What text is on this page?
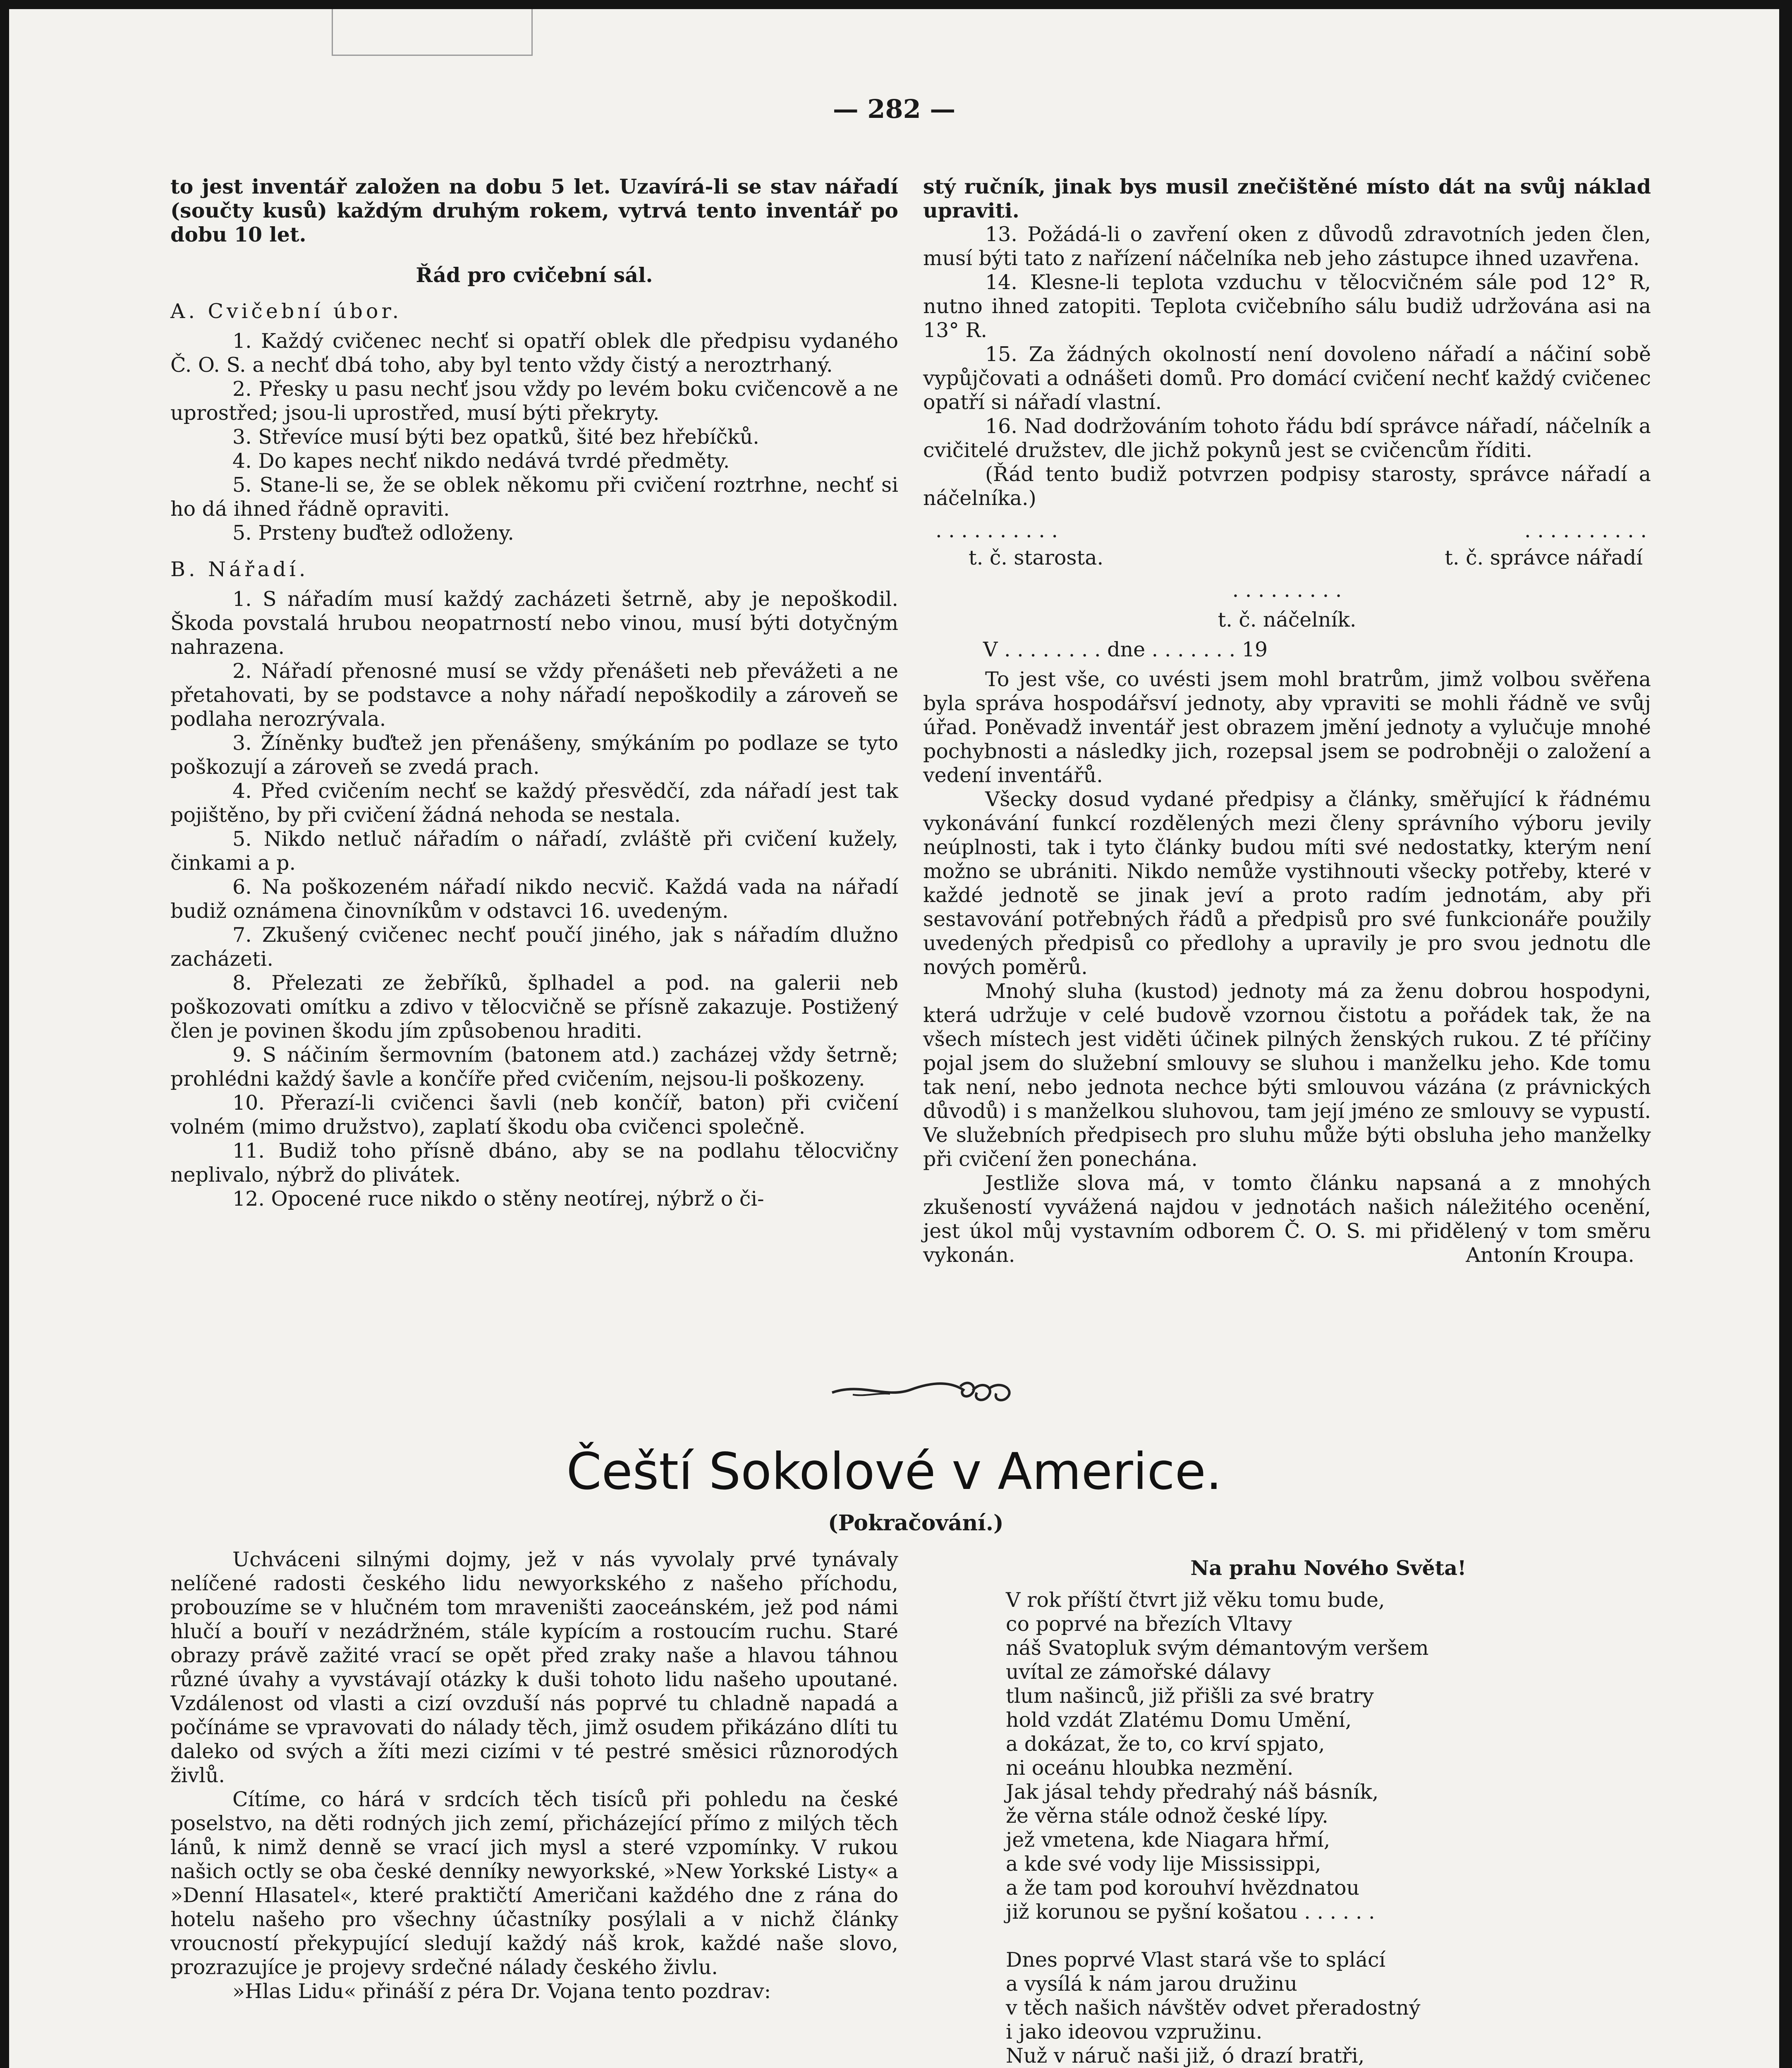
— 282 —

to jest inventář založen na dobu 5 let. Uzavírá-li se stav nářadí (součty kusů) každým druhým rokem, vytrvá tento inventář po dobu 10 let.

Řád pro cvičební sál.

A. Cvičební úbor.

1. Každý cvičenec nechť si opatří oblek dle předpisu vydaného Č. O. S. a nechť dbá toho, aby byl tento vždy čistý a neroztrhaný.

2. Přesky u pasu nechť jsou vždy po levém boku cvičencově a ne uprostřed; jsou-li uprostřed, musí býti překryty.

3. Střevíce musí býti bez opatků, šité bez hřebíčků.

4. Do kapes nechť nikdo nedává tvrdé předměty.

5. Stane-li se, že se oblek někomu při cvičení roztrhne, nechť si ho dá ihned řádně opraviti.

5. Prsteny buďtež odloženy.

B. Nářadí.

1. S nářadím musí každý zacházeti šetrně, aby je nepoškodil. Škoda povstalá hrubou neopatrností nebo vinou, musí býti dotyčným nahrazena.

2. Nářadí přenosné musí se vždy přenášeti neb převážeti a ne přetahovati, by se podstavce a nohy nářadí nepoškodily a zároveň se podlaha nerozrývala.

3. Žíněnky buďtež jen přenášeny, smýkáním po podlaze se tyto poškozují a zároveň se zvedá prach.

4. Před cvičením nechť se každý přesvědčí, zda nářadí jest tak pojištěno, by při cvičení žádná nehoda se nestala.

5. Nikdo netluč nářadím o nářadí, zvláště při cvičení kužely, činkami a p.

6. Na poškozeném nářadí nikdo necvič. Každá vada na nářadí budiž oznámena činovníkům v odstavci 16. uvedeným.

7. Zkušený cvičenec nechť poučí jiného, jak s nářadím dlužno zacházeti.

8. Přelezati ze žebříků, šplhadel a pod. na galerii neb poškozovati omítku a zdivo v tělocvičně se přísně zakazuje. Postižený člen je povinen škodu jím způsobenou hraditi.

9. S náčiním šermovním (batonem atd.) zacházej vždy šetrně; prohlédni každý šavle a končíře před cvičením, nejsou-li poškozeny.

10. Přerazí-li cvičenci šavli (neb končíř, baton) při cvičení volném (mimo družstvo), zaplatí škodu oba cvičenci společně.

11. Budiž toho přísně dbáno, aby se na podlahu tělocvičny neplivalo, nýbrž do plivátek.

12. Opocené ruce nikdo o stěny neotírej, nýbrž o či-

stý ručník, jinak bys musil znečištěné místo dát na svůj náklad upraviti.

13. Požádá-li o zavření oken z důvodů zdravotních jeden člen, musí býti tato z nařízení náčelníka neb jeho zástupce ihned uzavřena.

14. Klesne-li teplota vzduchu v tělocvičném sále pod 12° R, nutno ihned zatopiti. Teplota cvičebního sálu budiž udržována asi na 13° R.

15. Za žádných okolností není dovoleno nářadí a náčiní sobě vypůjčovati a odnášeti domů. Pro domácí cvičení nechť každý cvičenec opatří si nářadí vlastní.

16. Nad dodržováním tohoto řádu bdí správce nářadí, náčelník a cvičitelé družstev, dle jichž pokynů jest se cvičencům říditi.

(Řád tento budiž potvrzen podpisy starosty, správce nářadí a náčelníka.)

. . . . . . . . . .	. . . . . . . . . .
t. č. starosta.	t. č. správce nářadí
. . . . . . . . .
t. č. náčelník.
V . . . . . . . . dne . . . . . . . 19

To jest vše, co uvésti jsem mohl bratrům, jimž volbou svěřena byla správa hospodářsví jednoty, aby vpraviti se mohli řádně ve svůj úřad. Poněvadž inventář jest obrazem jmění jednoty a vylučuje mnohé pochybnosti a následky jich, rozepsal jsem se podrobněji o založení a vedení inventářů.

Všecky dosud vydané předpisy a články, směřující k řádnému vykonávání funkcí rozdělených mezi členy správního výboru jevily neúplnosti, tak i tyto články budou míti své nedostatky, kterým není možno se ubrániti. Nikdo nemůže vystihnouti všecky potřeby, které v každé jednotě se jinak jeví a proto radím jednotám, aby při sestavování potřebných řádů a předpisů pro své funkcionáře použily uvedených předpisů co předlohy a upravily je pro svou jednotu dle nových poměrů.

Mnohý sluha (kustod) jednoty má za ženu dobrou hospodyni, která udržuje v celé budově vzornou čistotu a pořádek tak, že na všech místech jest viděti účinek pilných ženských rukou. Z té příčiny pojal jsem do služební smlouvy se sluhou i manželku jeho. Kde tomu tak není, nebo jednota nechce býti smlouvou vázána (z právnických důvodů) i s manželkou sluhovou, tam její jméno ze smlouvy se vypustí. Ve služebních předpisech pro sluhu může býti obsluha jeho manželky při cvičení žen ponechána.

Jestliže slova má, v tomto článku napsaná a z mnohých zkušeností vyvážená najdou v jednotách našich náležitého ocenění, jest úkol můj vystavním odborem Č. O. S. mi přidělený v tom směru vykonán.	Antonín Kroupa.
Čeští Sokolové v Americe.
(Pokračování.)

Uchváceni silnými dojmy, jež v nás vyvolaly prvé tynávaly nelíčené radosti českého lidu newyorkského z našeho příchodu, probouzíme se v hlučném tom mraveništi zaoceánském, jež pod námi hlučí a bouří v nezádržném, stále kypícím a rostoucím ruchu. Staré obrazy právě zažité vrací se opět před zraky naše a hlavou táhnou různé úvahy a vyvstávají otázky k duši tohoto lidu našeho upoutané. Vzdálenost od vlasti a cizí ovzduší nás poprvé tu chladně napadá a počínáme se vpravovati do nálady těch, jimž osudem přikázáno dlíti tu daleko od svých a žíti mezi cizími v té pestré směsici různorodých živlů.

Cítíme, co hárá v srdcích těch tisíců při pohledu na české poselstvo, na děti rodných jich zemí, přicházející přímo z milých těch lánů, k nimž denně se vrací jich mysl a steré vzpomínky. V rukou našich octly se oba české denníky newyorkské, »New Yorkské Listy« a »Denní Hlasatel«, které praktičtí Američani každého dne z rána do hotelu našeho pro všechny účastníky posýlali a v nichž články vroucností překypující sledují každý náš krok, každé naše slovo, prozrazujíce je projevy srdečné nálady českého živlu.

»Hlas Lidu« přináší z péra Dr. Vojana tento pozdrav:

Na prahu Nového Světa!

V rok příští čtvrt již věku tomu bude,

co poprvé na březích Vltavy

náš Svatopluk svým démantovým veršem

uvítal ze zámořské dálavy

tlum našinců, již přišli za své bratry

hold vzdát Zlatému Domu Umění,

a dokázat, že to, co krví spjato,

ni oceánu hloubka nezmění.

Jak jásal tehdy předrahý náš básník,

že věrna stále odnož české lípy.

jež vmetena, kde Niagara hřmí,

a kde své vody lije Mississippi,

a že tam pod korouhví hvězdnatou

již korunou se pyšní košatou . . . . . .

Dnes poprvé Vlast stará vše to splácí

a vysílá k nám jarou družinu

v těch našich návštěv odvet přeradostný

i jako ideovou vzpružinu.

Nuž v náruč naši již, ó drazí bratři,
